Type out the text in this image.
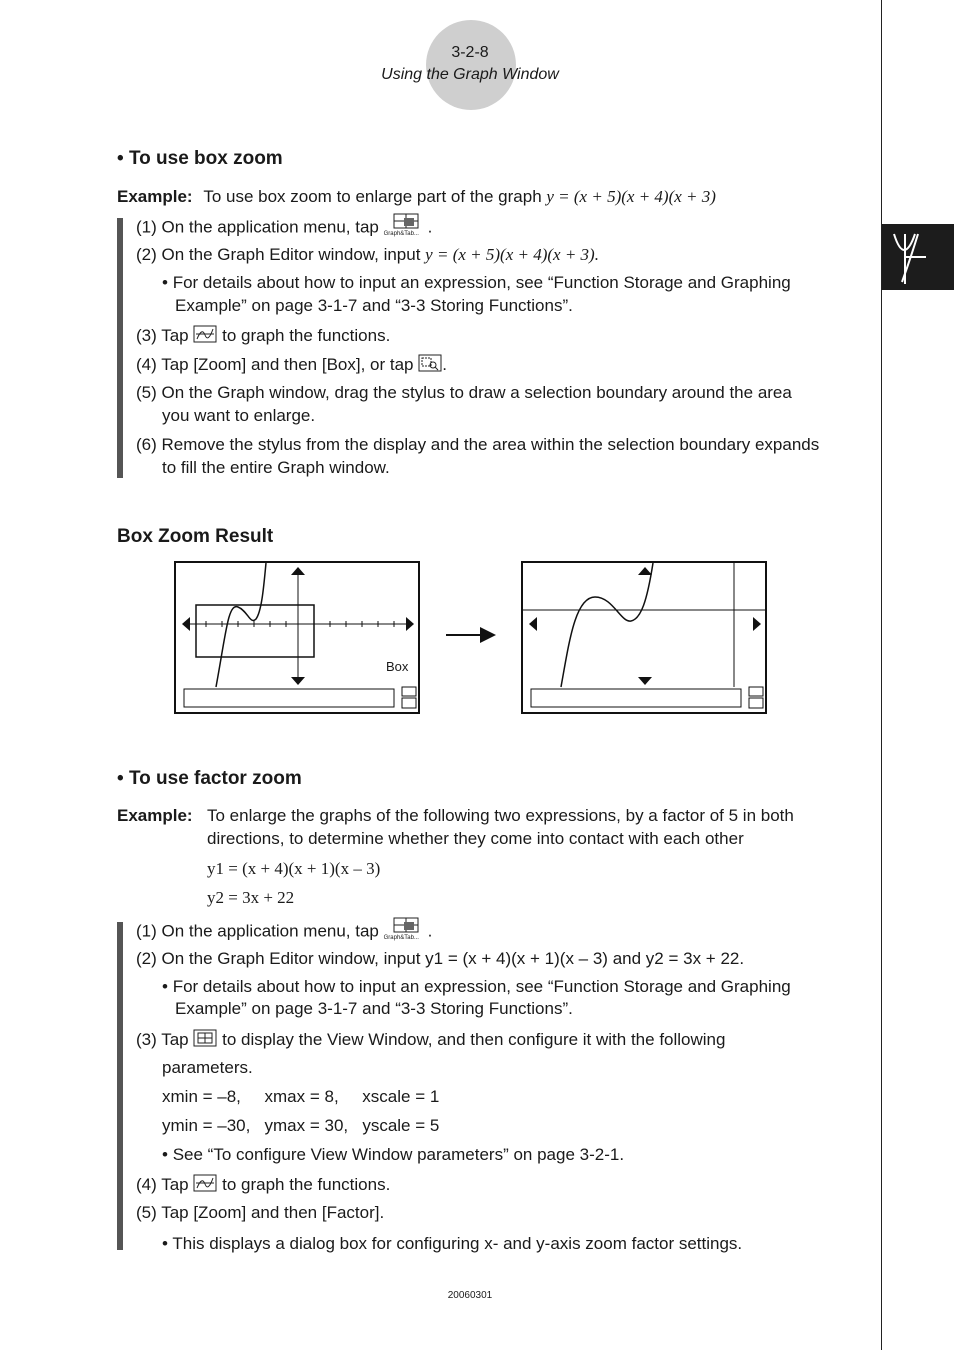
3-2-8
Using the Graph Window
• To use box zoom
Example: To use box zoom to enlarge part of the graph y = (x + 5)(x + 4)(x + 3)
(1) On the application menu, tap Graph&Tab... .
(2) On the Graph Editor window, input y = (x + 5)(x + 4)(x + 3).
• For details about how to input an expression, see “Function Storage and Graphing
Example” on page 3-1-7 and “3-3 Storing Functions”.
(3) Tap to graph the functions.
(4) Tap [Zoom] and then [Box], or tap .
(5) On the Graph window, drag the stylus to draw a selection boundary around the area
you want to enlarge.
(6) Remove the stylus from the display and the area within the selection boundary expands
to fill the entire Graph window.
Box Zoom Result
Box
• To use factor zoom
Example: To enlarge the graphs of the following two expressions, by a factor of 5 in both
directions, to determine whether they come into contact with each other
y1 = (x + 4)(x + 1)(x – 3)
y2 = 3x + 22
(1) On the application menu, tap Graph&Tab... .
(2) On the Graph Editor window, input y1 = (x + 4)(x + 1)(x – 3) and y2 = 3x + 22.
• For details about how to input an expression, see “Function Storage and Graphing
Example” on page 3-1-7 and “3-3 Storing Functions”.
(3) Tap to display the View Window, and then configure it with the following
parameters.
xmin = –8,     xmax = 8,     xscale = 1
ymin = –30,   ymax = 30,   yscale = 5
• See “To configure View Window parameters” on page 3-2-1.
(4) Tap to graph the functions.
(5) Tap [Zoom] and then [Factor].
• This displays a dialog box for configuring x- and y-axis zoom factor settings.
20060301
